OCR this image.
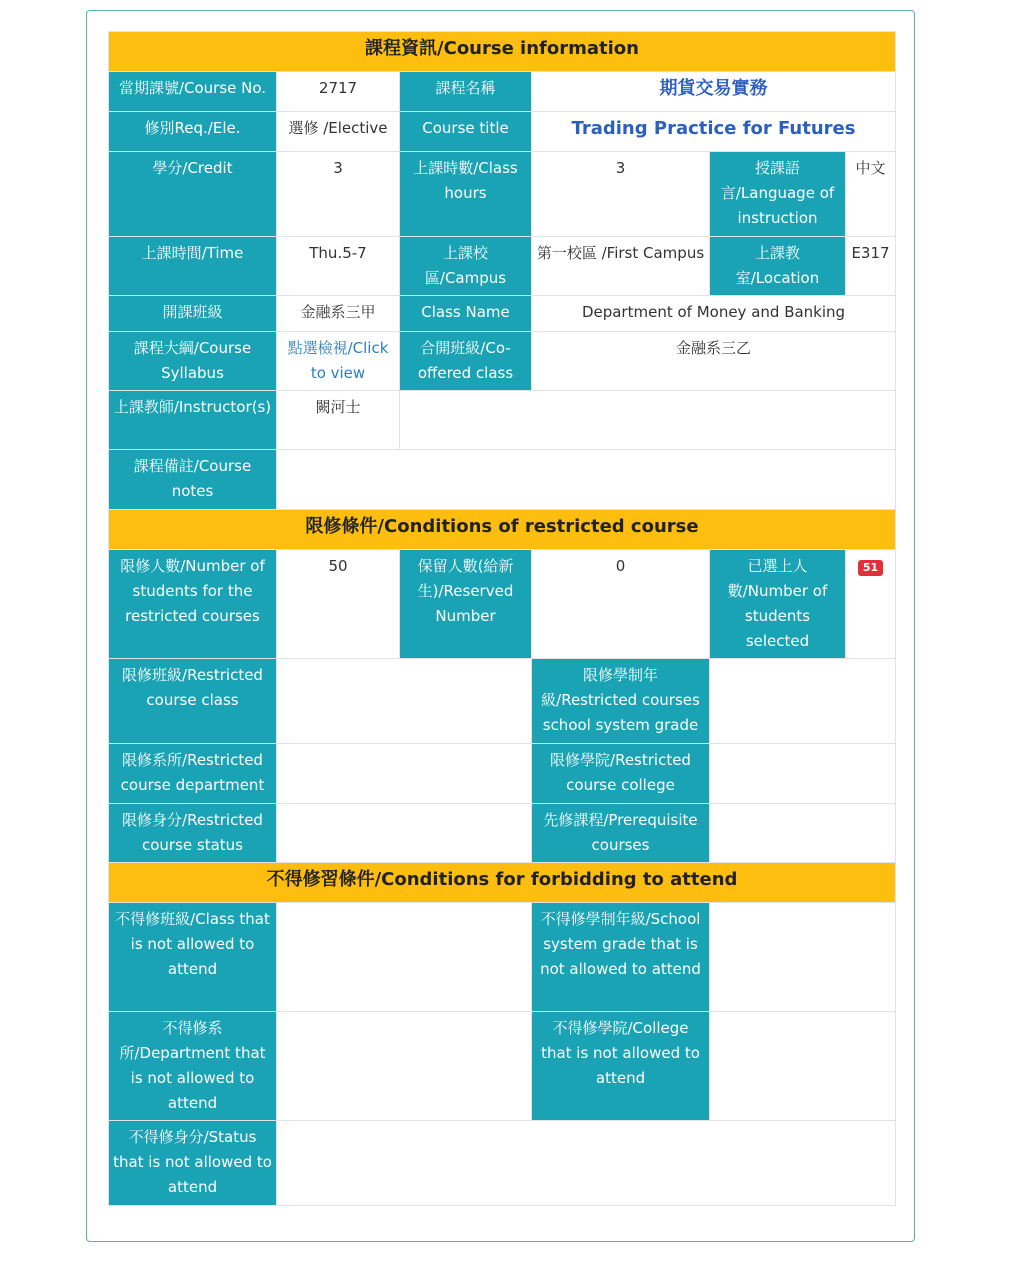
課程資訊/Course information					
當期課號/Course No.	2717	課程名稱	期貨交易實務		
修別Req./Ele.	選修 /Elective	Course title	Trading Practice for Futures		
學分/Credit	3	上課時數/Class hours	3	授課語言/Language of instruction	中文
上課時間/Time	Thu.5-7	上課校區/Campus	第一校區 /First Campus	上課教室/Location	E317
開課班級	金融系三甲	Class Name	Department of Money and Banking		
課程大綱/Course Syllabus	點選檢視/Click to view	合開班級/Co-offered class	金融系三乙		
上課教師/Instructor(s)	闕河士				
課程備註/Course notes					
限修條件/Conditions of restricted course					
限修人數/Number of students for the restricted courses	50	保留人數(給新生)/Reserved Number	0	已選上人數/Number of students selected	51
限修班級/Restricted course class			限修學制年級/Restricted courses school system grade		
限修系所/Restricted course department			限修學院/Restricted course college		
限修身分/Restricted course status			先修課程/Prerequisite courses		
不得修習條件/Conditions for forbidding to attend					
不得修班級/Class that is not allowed to attend			不得修學制年級/School system grade that is not allowed to attend		
不得修系所/Department that is not allowed to attend			不得修學院/College that is not allowed to attend		
不得修身分/Status that is not allowed to attend					
